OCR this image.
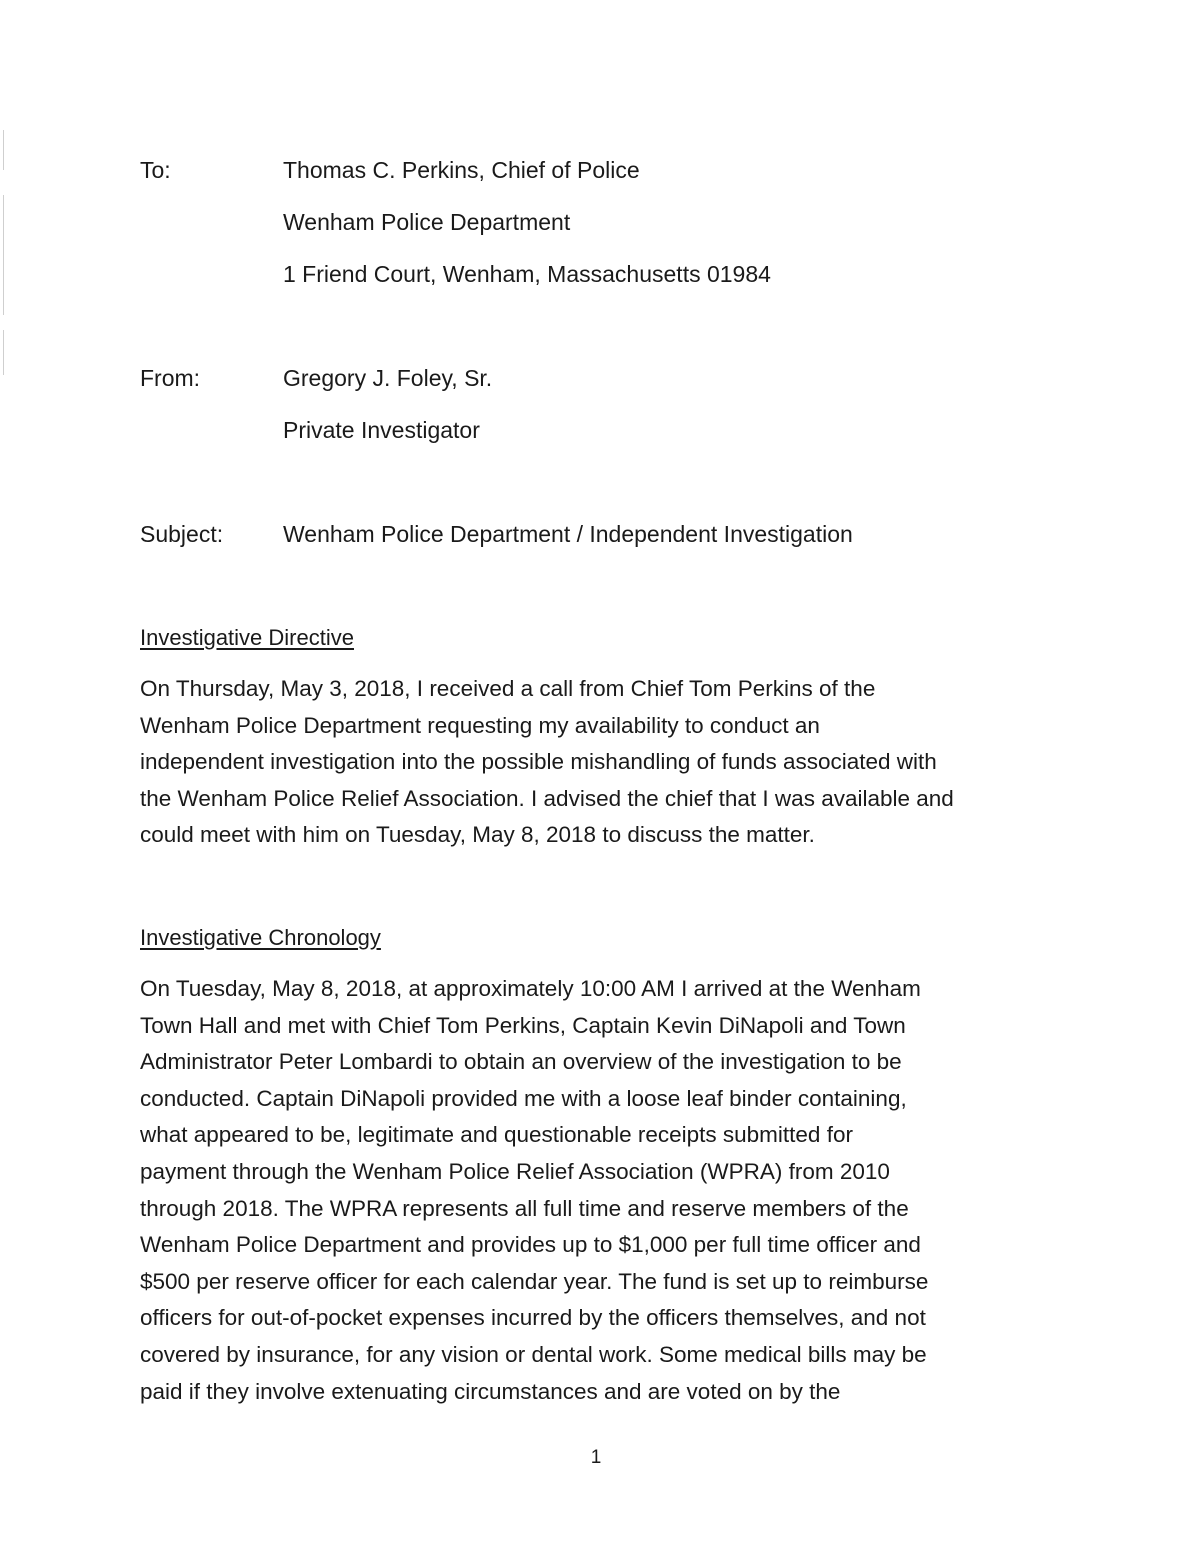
To:	Thomas C. Perkins, Chief of Police
Wenham Police Department
1 Friend Court, Wenham, Massachusetts 01984
From:	Gregory J. Foley, Sr.
Private Investigator
Subject:	Wenham Police Department / Independent Investigation
Investigative Directive
On Thursday, May 3, 2018, I received a call from Chief Tom Perkins of the
Wenham Police Department requesting my availability to conduct an
independent investigation into the possible mishandling of funds associated with
the Wenham Police Relief Association. I advised the chief that I was available and
could meet with him on Tuesday, May 8, 2018 to discuss the matter.
Investigative Chronology
On Tuesday, May 8, 2018, at approximately 10:00 AM I arrived at the Wenham
Town Hall and met with Chief Tom Perkins, Captain Kevin DiNapoli and Town
Administrator Peter Lombardi to obtain an overview of the investigation to be
conducted. Captain DiNapoli provided me with a loose leaf binder containing,
what appeared to be, legitimate and questionable receipts submitted for
payment through the Wenham Police Relief Association (WPRA) from 2010
through 2018. The WPRA represents all full time and reserve members of the
Wenham Police Department and provides up to $1,000 per full time officer and
$500 per reserve officer for each calendar year. The fund is set up to reimburse
officers for out-of-pocket expenses incurred by the officers themselves, and not
covered by insurance, for any vision or dental work. Some medical bills may be
paid if they involve extenuating circumstances and are voted on by the
1
